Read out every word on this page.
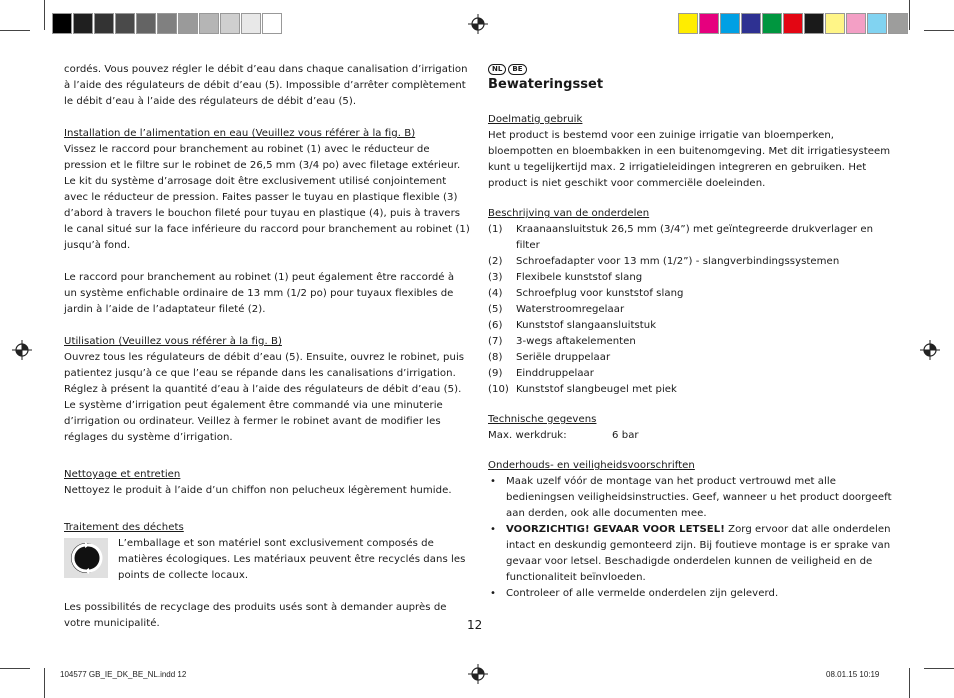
cordés. Vous pouvez régler le débit d’eau dans chaque canalisation d’irrigation à l’aide des régulateurs de débit d’eau (5). Impossible d’arrêter complètement le débit d’eau à l’aide des régulateurs de débit d’eau (5).

Installation de l’alimentation en eau (Veuillez vous référer à la fig. B)

Vissez le raccord pour branchement au robinet (1) avec le réducteur de pression et le filtre sur le robinet de 26,5 mm (3/4 po) avec filetage extérieur. Le kit du système d’arrosage doit être exclusivement utilisé conjointement avec le réducteur de pression. Faites passer le tuyau en plastique flexible (3) d’abord à travers le bouchon fileté pour tuyau en plastique (4), puis à travers le canal situé sur la face inférieure du raccord pour branchement au robinet (1) jusqu’à fond.

Le raccord pour branchement au robinet (1) peut également être raccordé à un système enfichable ordinaire de 13 mm (1/2 po) pour tuyaux flexibles de jardin à l’aide de l’adaptateur fileté (2).

Utilisation (Veuillez vous référer à la fig. B)

Ouvrez tous les régulateurs de débit d’eau (5). Ensuite, ouvrez le robinet, puis patientez jusqu’à ce que l’eau se répande dans les canalisations d’irrigation. Réglez à présent la quantité d’eau à l’aide des régulateurs de débit d’eau (5). Le système d’irrigation peut également être commandé via une minuterie d’irrigation ou ordinateur. Veillez à fermer le robinet avant de modifier les réglages du système d’irrigation.

Nettoyage et entretien

Nettoyez le produit à l’aide d’un chiffon non pelucheux légèrement humide.

Traitement des déchets

L’emballage et son matériel sont exclusivement composés de matières écologiques. Les matériaux peuvent être recyclés dans les points de collecte locaux.

Les possibilités de recyclage des produits usés sont à demander auprès de votre municipalité.

NL BE
Bewateringsset

Doelmatig gebruik

Het product is bestemd voor een zuinige irrigatie van bloemperken, bloempotten en bloembakken in een buitenomgeving. Met dit irrigatiesysteem kunt u tegelijkertijd max. 2 irrigatieleidingen integreren en gebruiken. Het product is niet geschikt voor commerciële doeleinden.

Beschrijving van de onderdelen

(1)	Kraanaansluitstuk 26,5 mm (3/4”) met geïntegreerde drukverlager en filter
(2)	Schroefadapter voor 13 mm (1/2”) - slangverbindingssystemen
(3)	Flexibele kunststof slang
(4)	Schroefplug voor kunststof slang
(5)	Waterstroomregelaar
(6)	Kunststof slangaansluitstuk
(7)	3-wegs aftakelementen
(8)	Seriële druppelaar
(9)	Einddruppelaar
(10) Kunststof slangbeugel met piek

Technische gegevens

Max. werkdruk:	6 bar

Onderhouds- en veiligheidsvoorschriften

• Maak uzelf vóór de montage van het product vertrouwd met alle bedieningsen veiligheidsinstructies. Geef, wanneer u het product doorgeeft aan derden, ook alle documenten mee.
• VOORZICHTIG! GEVAAR VOOR LETSEL! Zorg ervoor dat alle onderdelen intact en deskundig gemonteerd zijn. Bij foutieve montage is er sprake van gevaar voor letsel. Beschadigde onderdelen kunnen de veiligheid en de functionaliteit beïnvloeden.
• Controleer of alle vermelde onderdelen zijn geleverd.
12
104577 GB_IE_DK_BE_NL.indd 12	08.01.15 10:19
